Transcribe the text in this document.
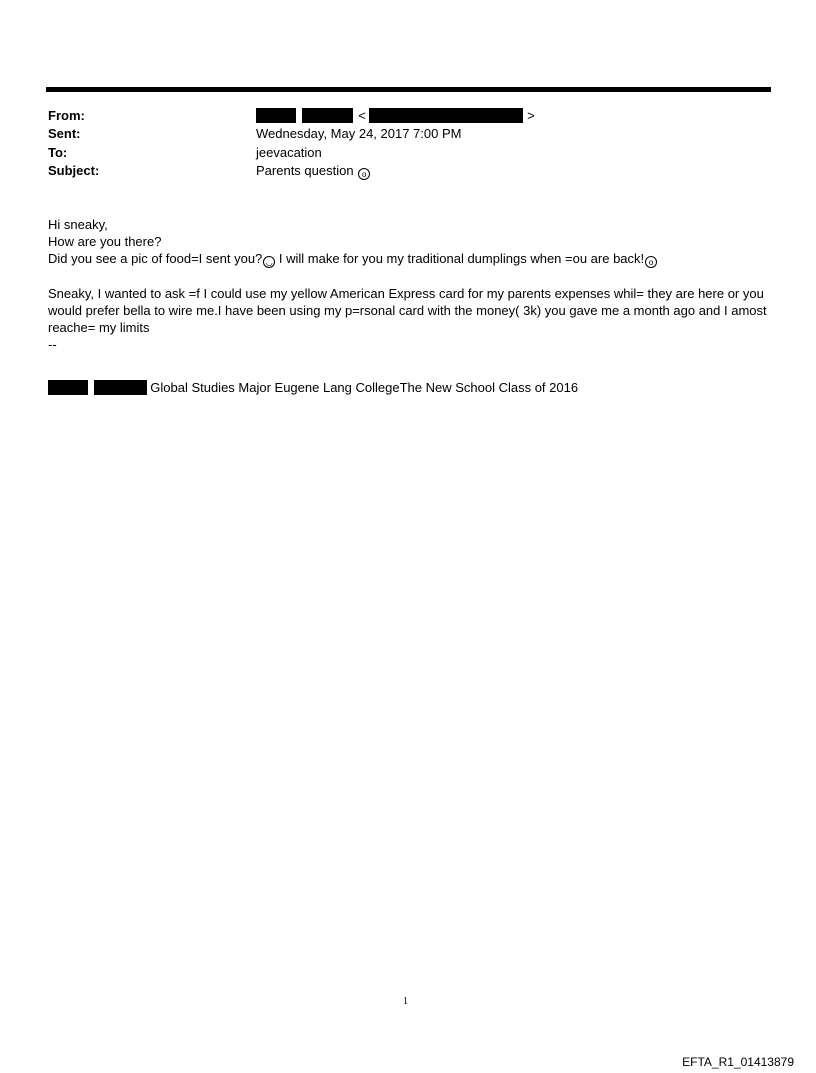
From:	<	>
Sent:	Wednesday, May 24, 2017 7:00 PM
To:	jeevacation
Subject:	Parents question o

Hi sneaky,

How are you there?

Did you see a pic of food=I sent you? ◡ I will make for you my traditional dumplings when =ou are back! o

Sneaky, I wanted to ask =f I could use my yellow American Express card for my parents expenses whil= they are here or you would prefer bella to wire me.I have been using my p=rsonal card with the money( 3k) you gave me a month ago and I amost reache= my limits

--

Global Studies Major Eugene Lang CollegeThe New School Class of 2016
1
EFTA_R1_01413879
